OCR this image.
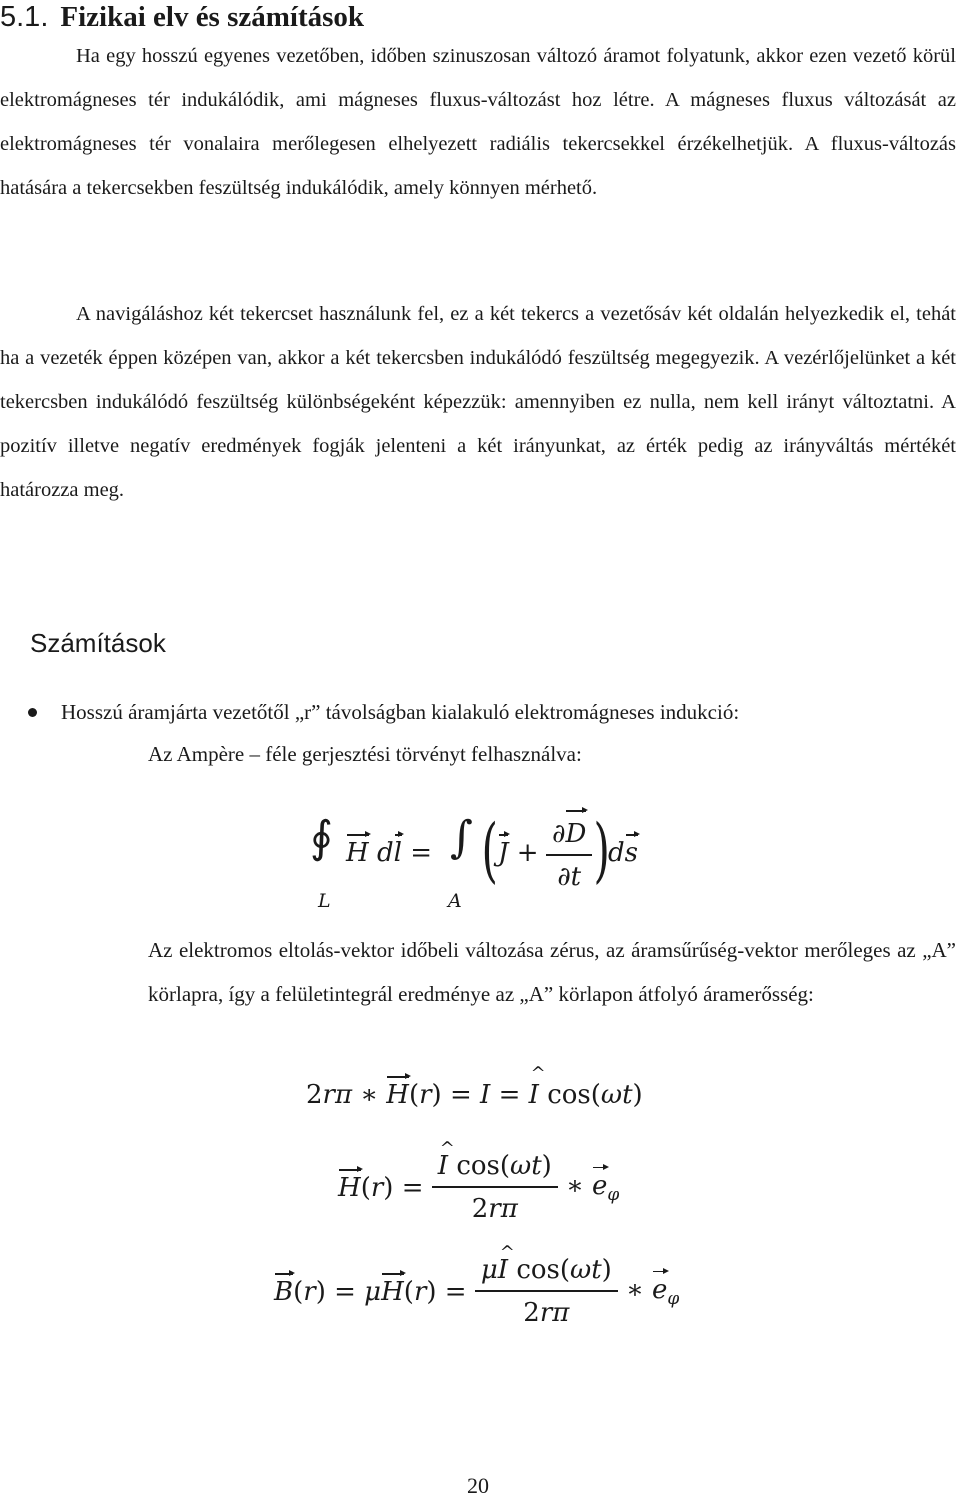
5.1. Fizikai elv és számítások

Ha egy hosszú egyenes vezetőben, időben szinuszosan változó áramot folyatunk, akkor ezen vezető körül elektromágneses tér indukálódik, ami mágneses fluxus-változást hoz létre. A mágneses fluxus változását az elektromágneses tér vonalaira merőlegesen elhelyezett radiális tekercsekkel érzékelhetjük. A fluxus-változás hatására a tekercsekben feszültség indukálódik, amely könnyen mérhető.

A navigáláshoz két tekercset használunk fel, ez a két tekercs a vezetősáv két oldalán helyezkedik el, tehát ha a vezeték éppen középen van, akkor a két tekercsben indukálódó feszültség megegyezik. A vezérlőjelünket a két tekercsben indukálódó feszültség különbségeként képezzük: amennyiben ez nulla, nem kell irányt változtatni. A pozitív illetve negatív eredmények fogják jelenteni a két irányunkat, az érték pedig az irányváltás mértékét határozza meg.

Számítások
Hosszú áramjárta vezetőtől „r” távolságban kialakuló elektromágneses indukció:
Az Ampère – féle gerjesztési törvényt felhasználva:
∮
L
H dl = ∫
A
( $J + \frac{\partial D}{\partial t}$ )
ds

Az elektromos eltolás-vektor időbeli változása zérus, az áramsűrűség-vektor merőleges az „A” körlapra, így a felületintegrál eredménye az „A” körlapon átfolyó áramerősség:

2rπ ∗ H(r) = I = ^ I cos(ωt)
H(r) = ^ $\frac{\text{I cos(ωt)}}{2r\pi}$ ∗ $e_\varphi$
$B(r) = \mu H(r) = \frac{\text{μ\textasciicircum{} I cos(ωt)}}{2r\pi}$ ∗ $e_\varphi$
20
